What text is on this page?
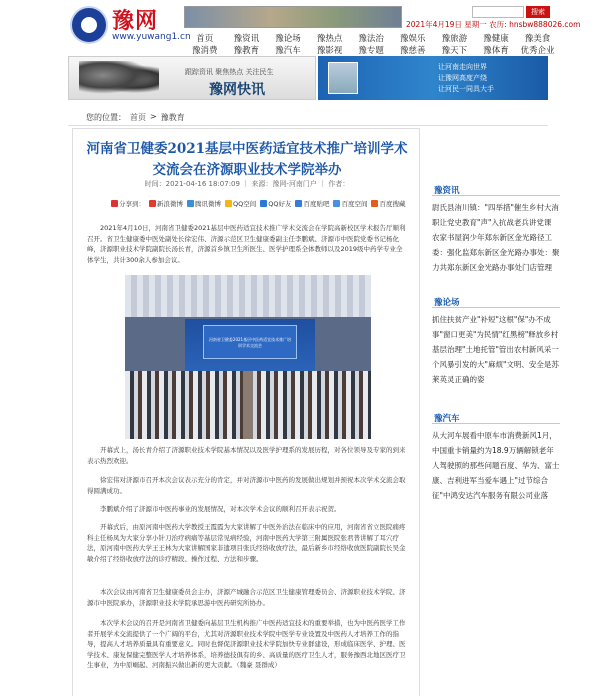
豫网
www.yuwang1.cn
搜索
2021年4月19日 星期一 农历: hnsbw888026.com
首页	豫资讯	豫论场	豫热点	豫法治	豫娱乐	豫旅游	豫健康	豫美食
豫消费	豫教育	豫汽车	豫影视	豫专题	豫慈善	豫天下	豫体育	优秀企业
跟踪资讯 聚焦热点 关注民生
豫网快讯
让河南走向世界
让豫网高度产绕
让河民一同具大手
您的位置： 首页 > 豫教育
河南省卫健委2021基层中医药适宜技术推广培训学术交流会在济源职业技术学院举办
时间：2021-04-16 18:07:09 ｜ 来源：豫网-河南门户 ｜ 作者：
分享到： 新浪微博 腾讯微博 QQ空间 QQ好友 百度贴吧 百度空间 百度搜藏

2021年4月10日，河南省卫健委2021基层中医药适宜技术推广学术交流会在学院高新校区学术报告厅顺利召开。省卫生健康委中医处副处长徐宏伟、济源示范区卫生健康委副主任李鹏斌、济源市中医院党委书记杨化峰，济源职业技术学院副院长汤长青，济源首乡镇卫生所医生、医学护理系全体教师以及2019级中药学专业全体学生，共计300余人参加会议。

河南省卫健委2021基层中医药适宜技术推广培训学术交流会

开幕式上，汤长青介绍了济源职业技术学院基本情况以及医学护理系的发展历程，对各位领导及专家的到来表示热烈欢迎。

徐宏伟对济源市召开本次会议表示充分的肯定，并对济源市中医药的发展做出规划并预祝本次学术交流会取得圆满成功。

李鹏斌介绍了济源市中医药事业的发展情况，对本次学术会议的顺利召开表示祝贺。

开幕式后，由原河南中医药大学教授王霞霞为大家讲解了中医外治法在临床中的应用，河南省省立医院痛疼科主任杨凤为大家分享小针刀治疗病痛等基层常见病经验，河南中医药大学第三附属医院张君普讲解了耳穴疗法，原河南中医药大学王王林为大家讲解国家非遗项目张氏经络收放疗法，最后新乡市经络收放医院副院长吴金敏介绍了经络收放疗法的诊疗精段、操作过程、方法和步骤。

本次会议由河南省卫生健康委员会主办，济源产城融合示范区卫生健康管理委员会、济源职业技术学院、济源市中医院承办，济源职业技术学院承思游中医药研究所协办。

本次学术会议的召开是河南省卫健委向基层卫生机构推广中医药适宜技术的重要举措，也为中医药医学工作者开展学术交流提供了一个广阔的平台，尤其对济源职业技术学院中医学专业设置及中医药人才培养工作的指导，提高人才培养质量具有重要意义。同时也督促济源职业技术学院加快专业群建设，形成临床医学、护理、医学技术、康复保健完整医学人才培养体系，培养德技俱有的乡、高质量的医疗卫生人才，服务豫西北地区医疗卫生事业，为中原崛起、河南振兴做出新的更大贡献。（魏豪 聂群成）

豫资讯
尉氏县洧川镇："四举措"催生乡村大洧职让党史教育"声"入抗战老兵讲党课 农家书屋润少年郑东新区金光路径工委：强化监郑东新区金光路办事处：聚力共郑东新区金光路办事处门店管理
豫论场
抓住扶贫产业"补短"这根"保"办不成事"窗口更美"为民情"红黑榜"释放乡村基层治理"土地托管"管出农村新风采一个风暴引发的大"麻烦"文明、安全是苏莱英灵正确的姿
豫汽车
从大河车展看中原车市消费新风1月，中国重卡销量约为18.9万辆解锁老年人驾驶照的那些问题百度、华为、富士康、吉利进军当爱车遇上"过节综合征"中鸿安达汽车服务有限公司业落
